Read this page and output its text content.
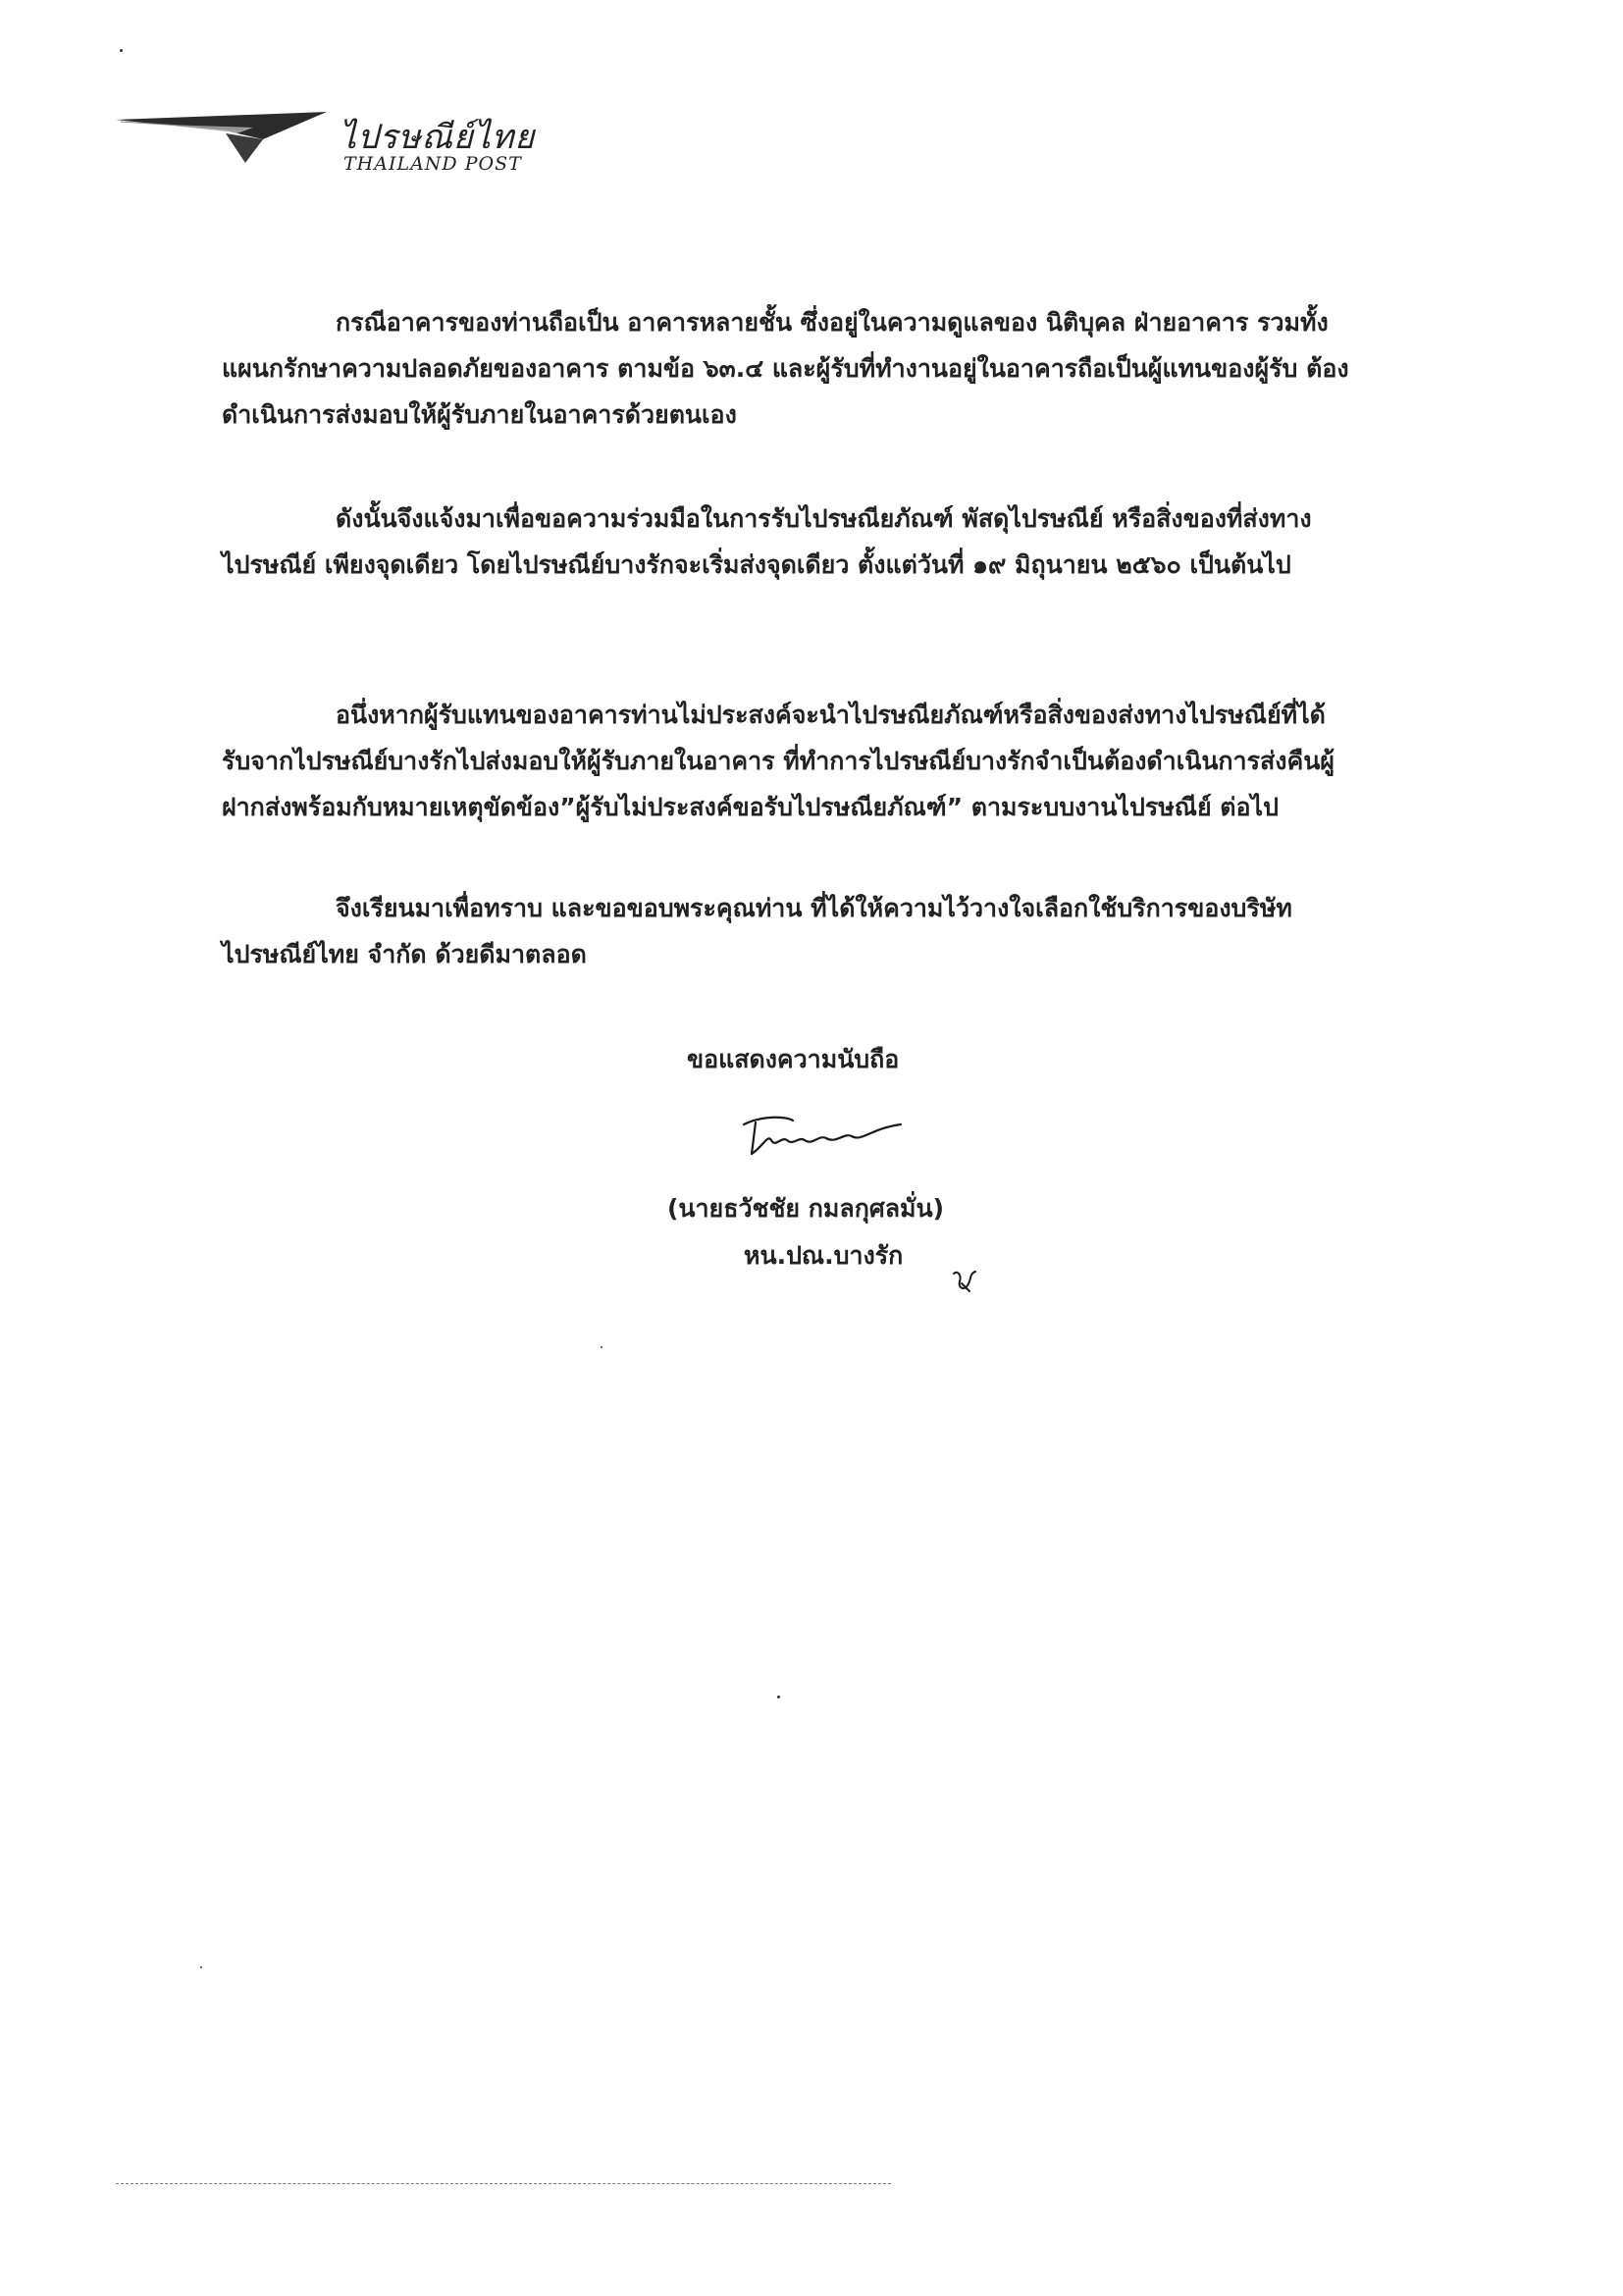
ไปรษณีย์ไทย
THAILAND POST

กรณีอาคารของท่านถือเป็น อาคารหลายชั้น ซึ่งอยู่ในความดูแลของ นิติบุคล ฝ่ายอาคาร รวมทั้งแผนกรักษาความปลอดภัยของอาคาร ตามข้อ ๖๓.๔ และผู้รับที่ทำงานอยู่ในอาคารถือเป็นผู้แทนของผู้รับ ต้องดำเนินการส่งมอบให้ผู้รับภายในอาคารด้วยตนเอง

ดังนั้นจึงแจ้งมาเพื่อขอความร่วมมือในการรับไปรษณียภัณฑ์ พัสดุไปรษณีย์ หรือสิ่งของที่ส่งทางไปรษณีย์ เพียงจุดเดียว โดยไปรษณีย์บางรักจะเริ่มส่งจุดเดียว ตั้งแต่วันที่ ๑๙ มิถุนายน ๒๕๖๐ เป็นต้นไป

อนึ่งหากผู้รับแทนของอาคารท่านไม่ประสงค์จะนำไปรษณียภัณฑ์หรือสิ่งของส่งทางไปรษณีย์ที่ได้รับจากไปรษณีย์บางรักไปส่งมอบให้ผู้รับภายในอาคาร ที่ทำการไปรษณีย์บางรักจำเป็นต้องดำเนินการส่งคืนผู้ฝากส่งพร้อมกับหมายเหตุขัดข้อง”ผู้รับไม่ประสงค์ขอรับไปรษณียภัณฑ์” ตามระบบงานไปรษณีย์ ต่อไป

จึงเรียนมาเพื่อทราบ และขอขอบพระคุณท่าน ที่ได้ให้ความไว้วางใจเลือกใช้บริการของบริษัทไปรษณีย์ไทย จำกัด ด้วยดีมาตลอด

ขอแสดงความนับถือ
(นายธวัชชัย กมลกุศลมั่น)
หน.ปณ.บางรัก
